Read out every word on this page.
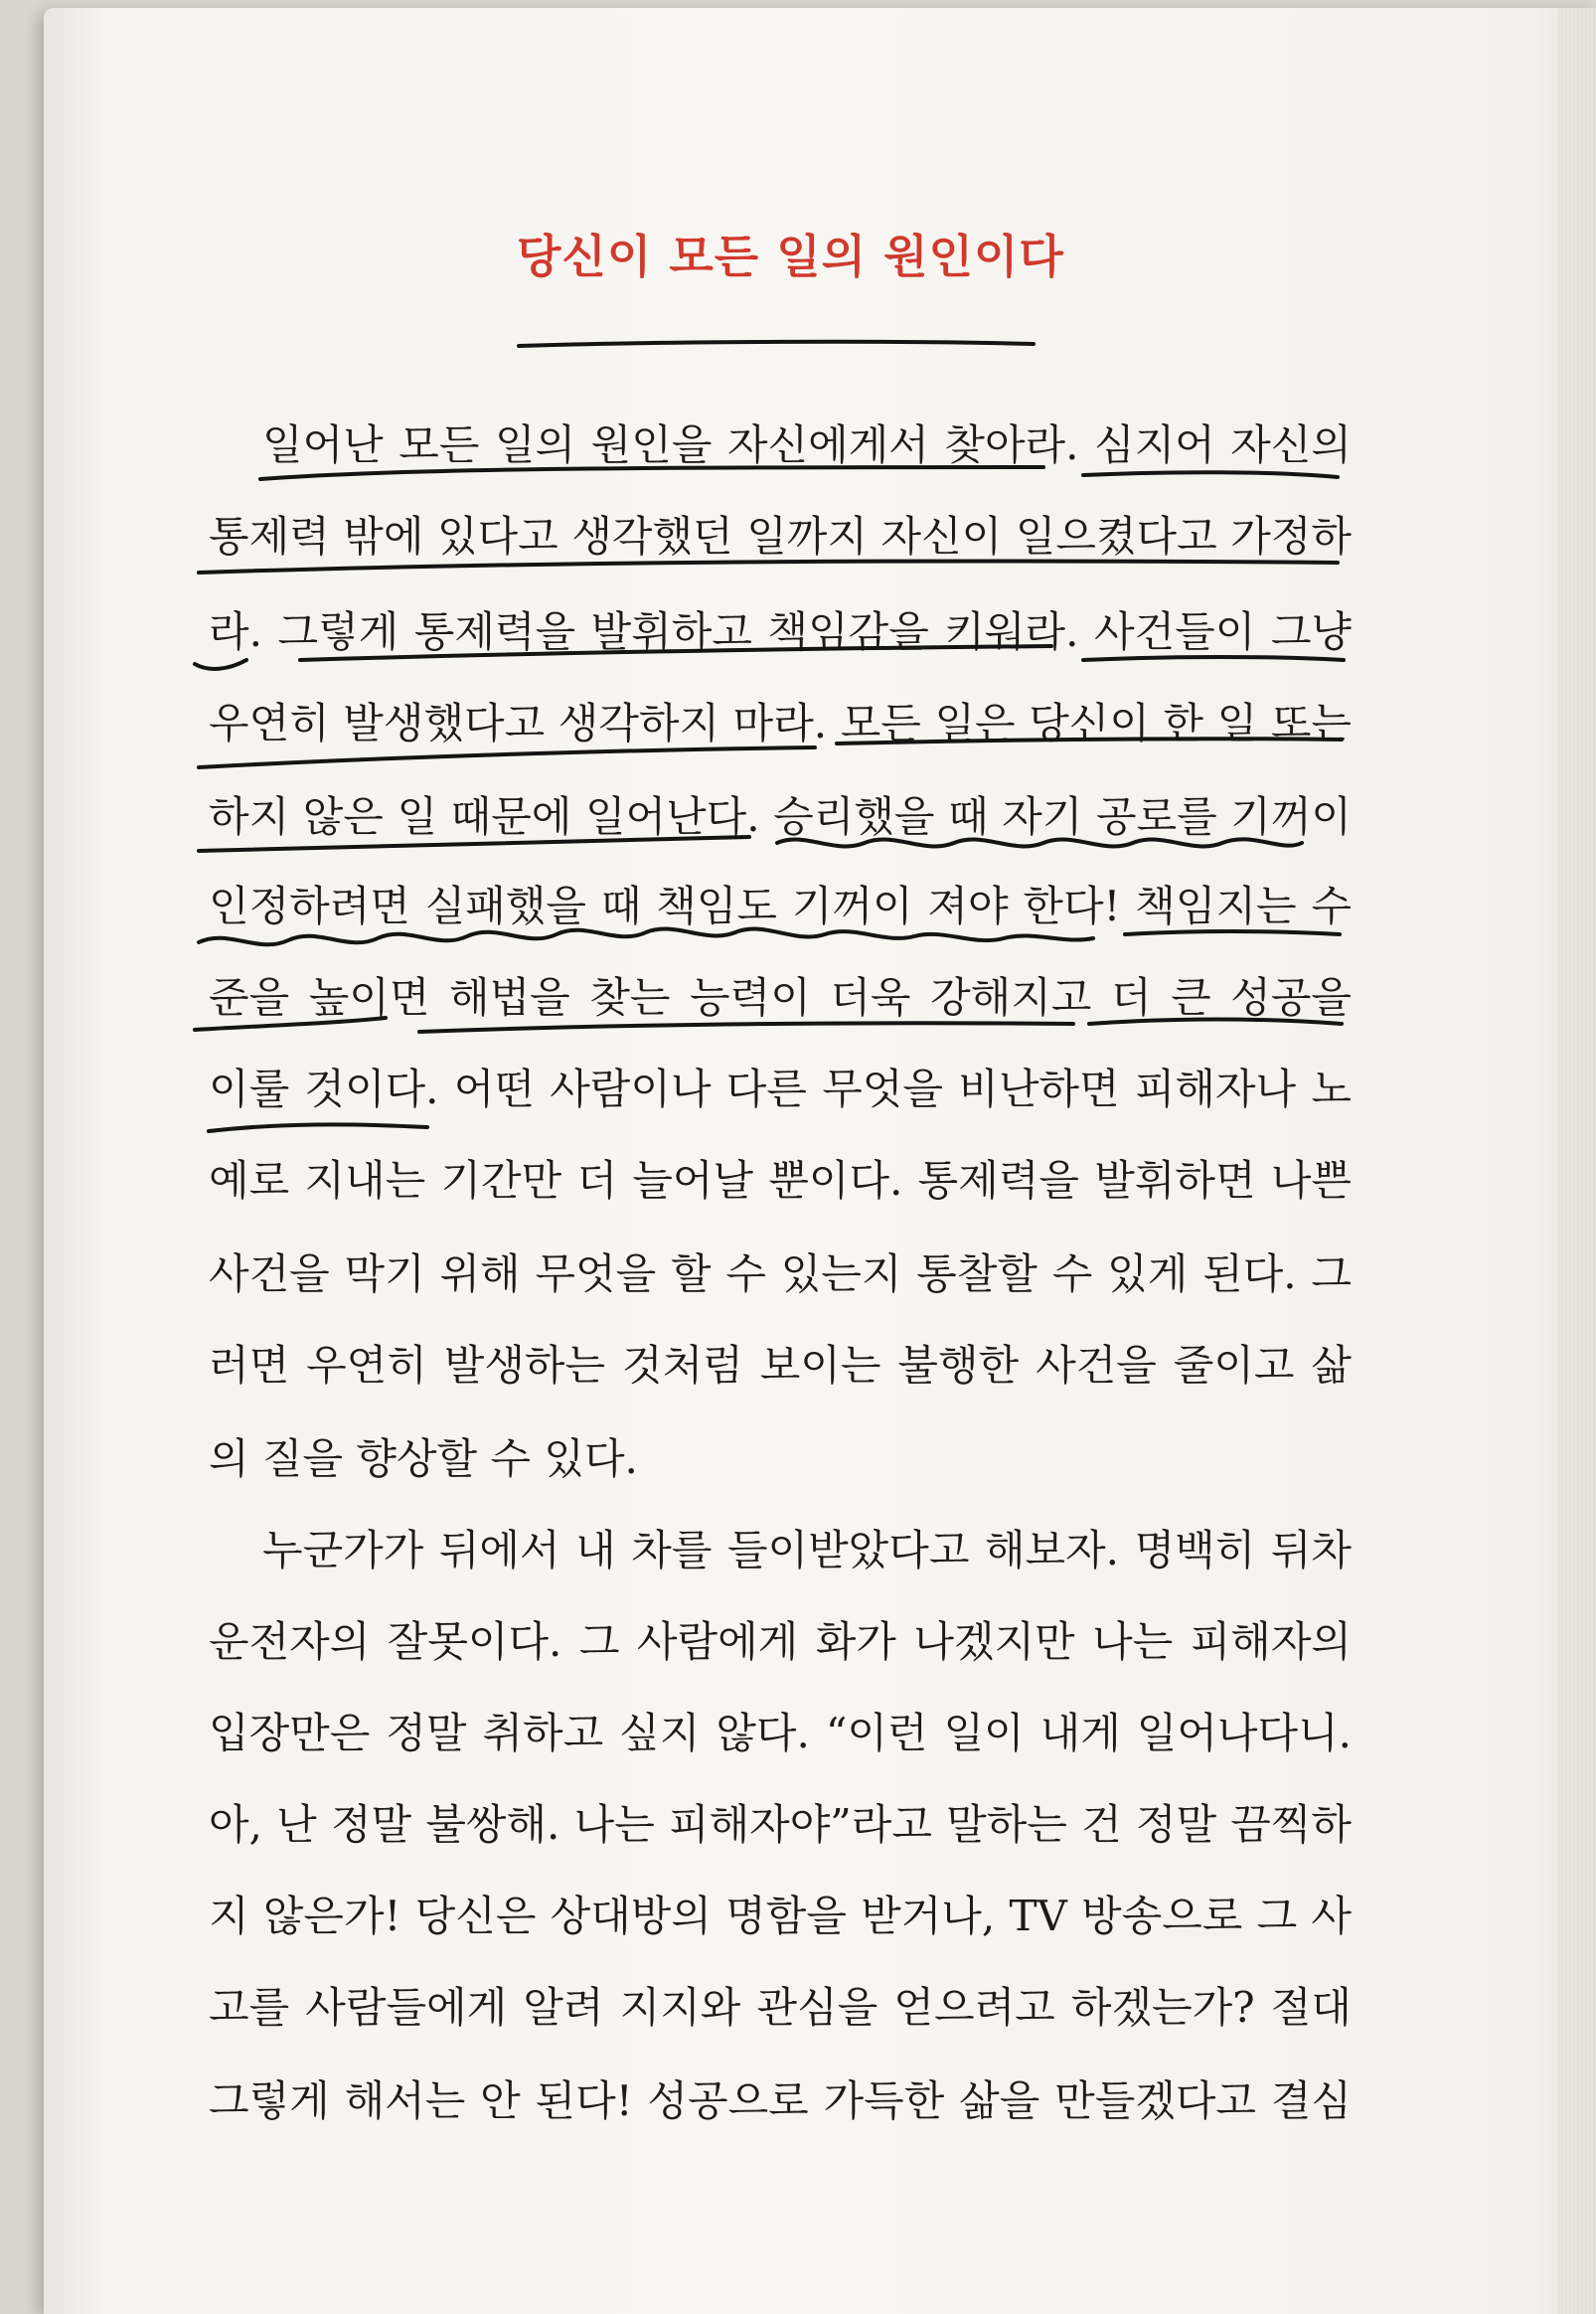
당신이 모든 일의 원인이다
일어난 모든 일의 원인을 자신에게서 찾아라. 심지어 자신의
통제력 밖에 있다고 생각했던 일까지 자신이 일으켰다고 가정하
라. 그렇게 통제력을 발휘하고 책임감을 키워라. 사건들이 그냥
우연히 발생했다고 생각하지 마라. 모든 일은 당신이 한 일 또는
하지 않은 일 때문에 일어난다. 승리했을 때 자기 공로를 기꺼이
인정하려면 실패했을 때 책임도 기꺼이 져야 한다! 책임지는 수
준을 높이면 해법을 찾는 능력이 더욱 강해지고 더 큰 성공을
이룰 것이다. 어떤 사람이나 다른 무엇을 비난하면 피해자나 노
예로 지내는 기간만 더 늘어날 뿐이다. 통제력을 발휘하면 나쁜
사건을 막기 위해 무엇을 할 수 있는지 통찰할 수 있게 된다. 그
러면 우연히 발생하는 것처럼 보이는 불행한 사건을 줄이고 삶
의 질을 향상할 수 있다.
누군가가 뒤에서 내 차를 들이받았다고 해보자. 명백히 뒤차
운전자의 잘못이다. 그 사람에게 화가 나겠지만 나는 피해자의
입장만은 정말 취하고 싶지 않다. “이런 일이 내게 일어나다니.
아, 난 정말 불쌍해. 나는 피해자야”라고 말하는 건 정말 끔찍하
지 않은가! 당신은 상대방의 명함을 받거나, TV 방송으로 그 사
고를 사람들에게 알려 지지와 관심을 얻으려고 하겠는가? 절대
그렇게 해서는 안 된다! 성공으로 가득한 삶을 만들겠다고 결심
